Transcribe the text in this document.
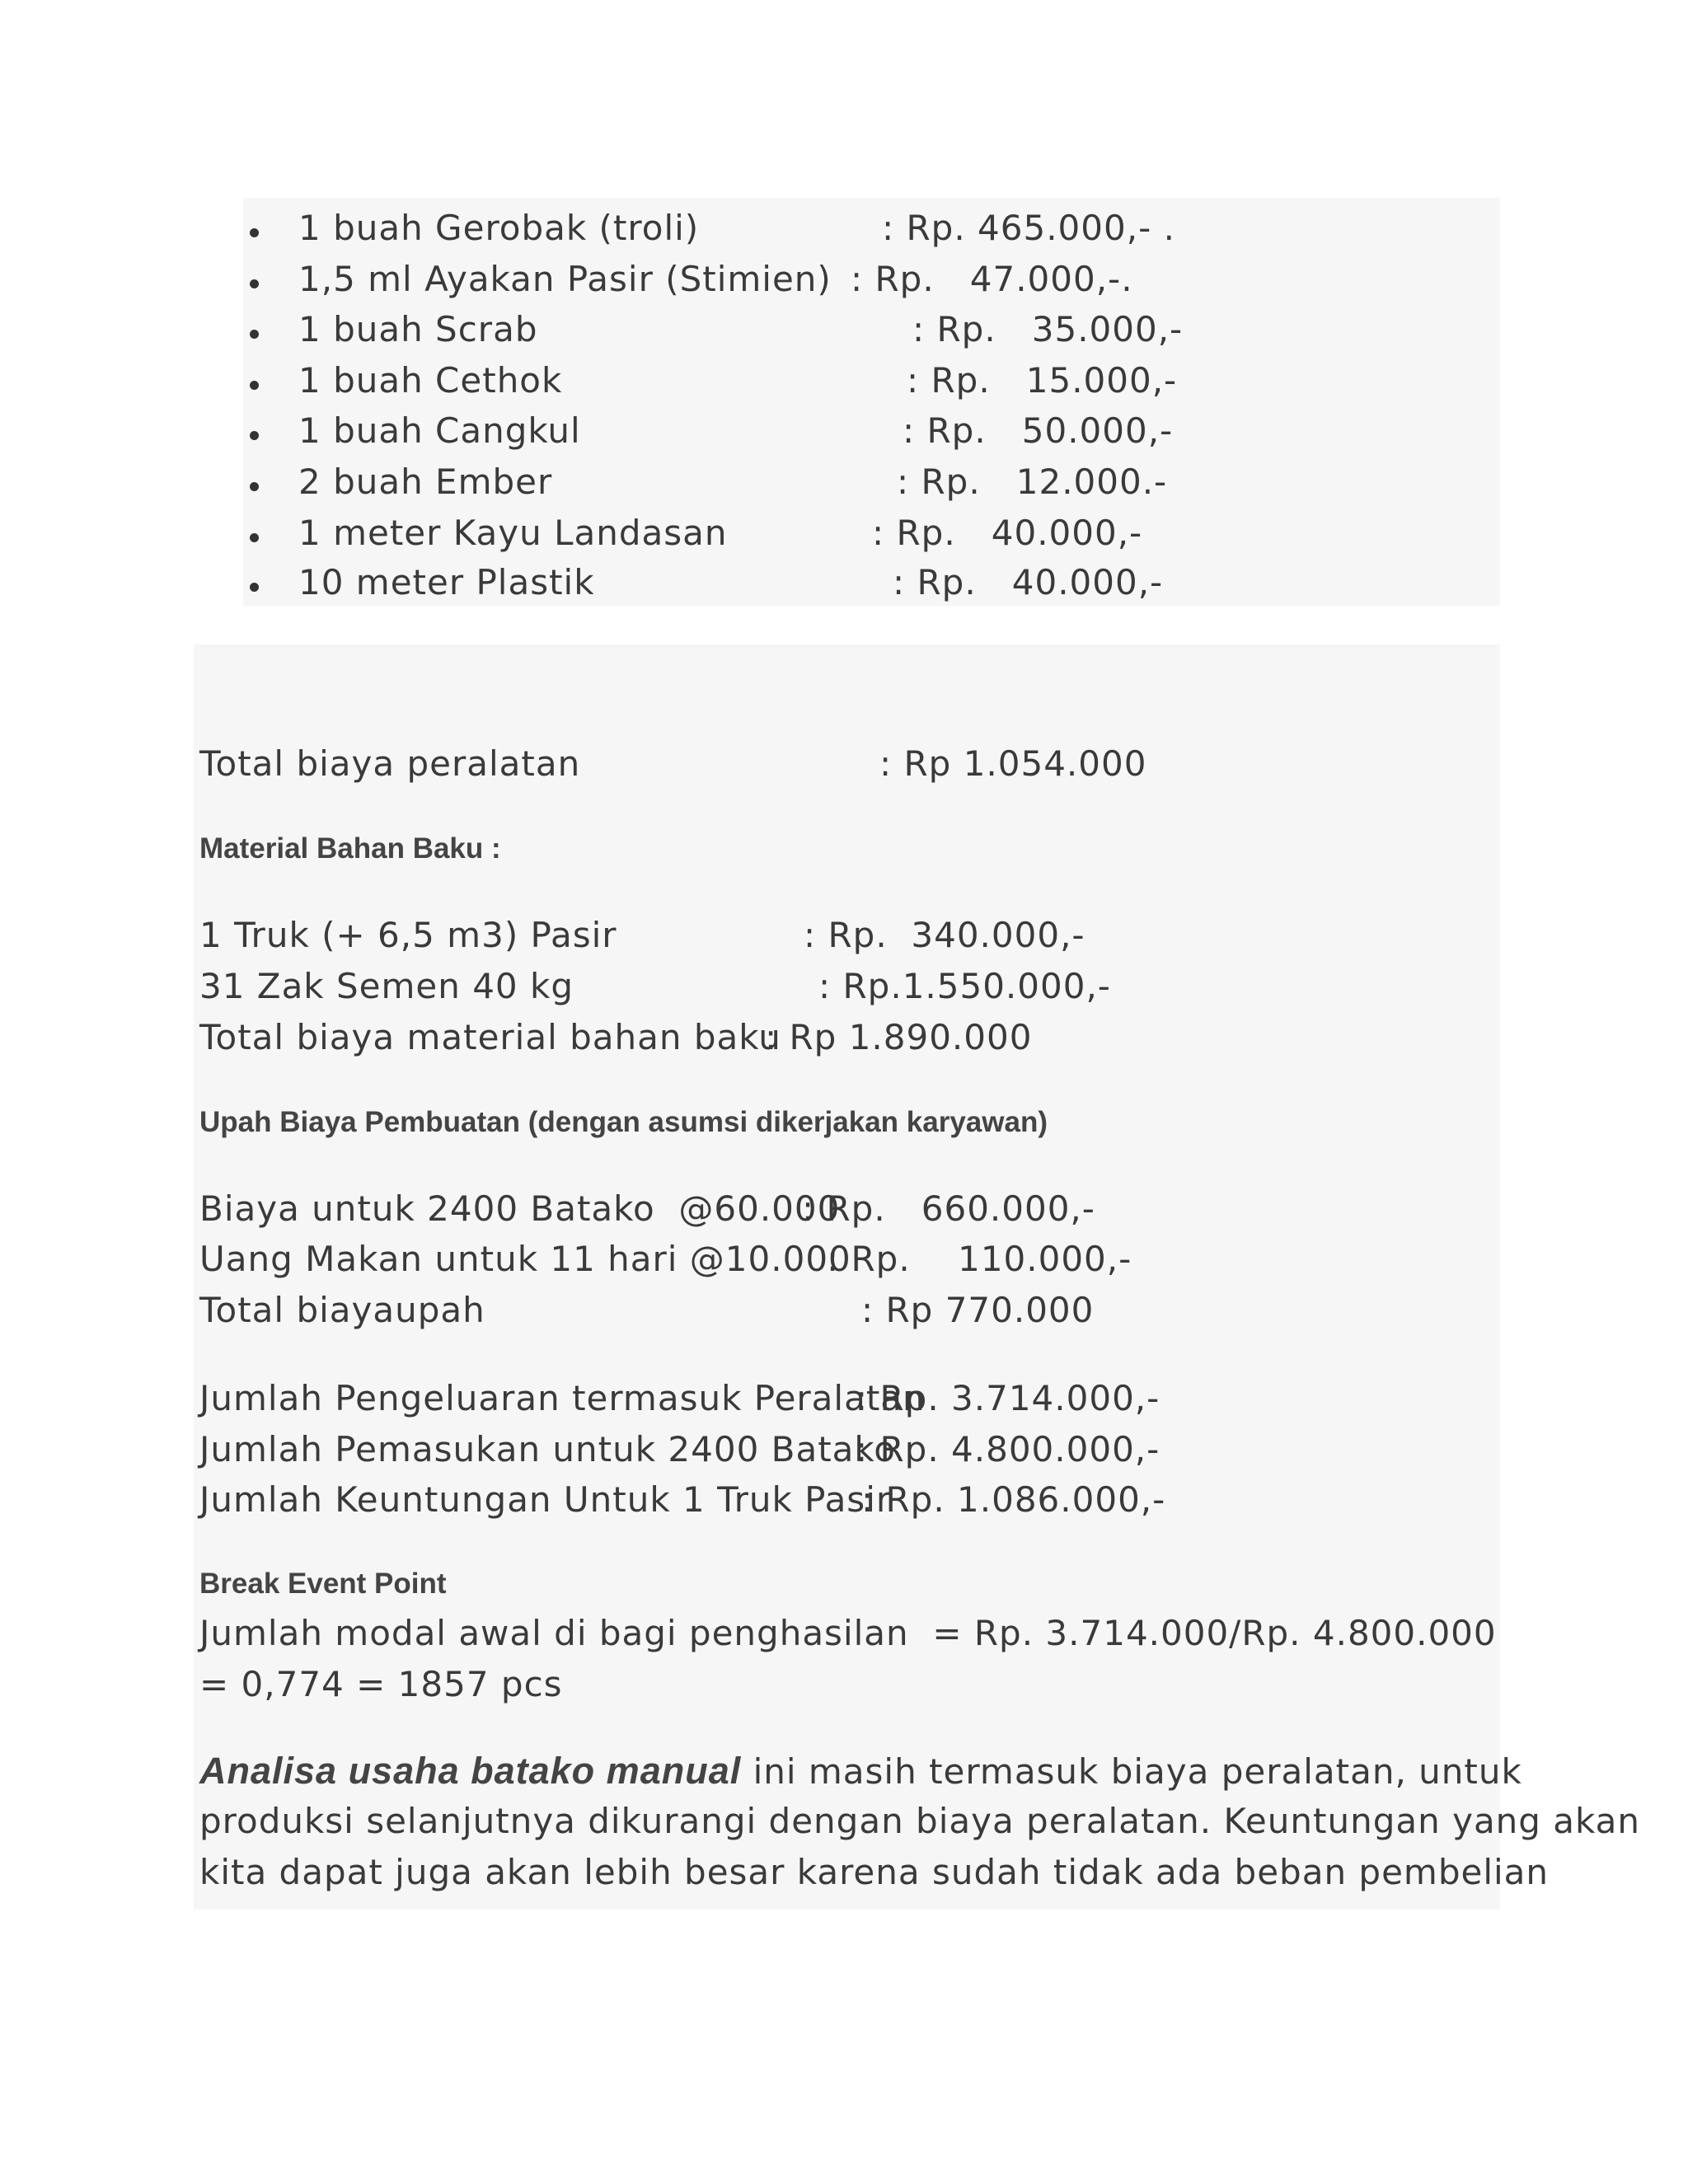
1 buah Gerobak (troli)	: Rp. 465.000,- .
1,5 ml Ayakan Pasir (Stimien) : Rp.   47.000,-.
1 buah Scrab	: Rp.   35.000,-
1 buah Cethok	: Rp.   15.000,-
1 buah Cangkul	: Rp.   50.000,-
2 buah Ember	: Rp.   12.000.-
1 meter Kayu Landasan	: Rp.   40.000,-
10 meter Plastik	: Rp.   40.000,-
Total biaya peralatan	: Rp 1.054.000
Material Bahan Baku :
1 Truk (+ 6,5 m3) Pasir	: Rp.  340.000,-
31 Zak Semen 40 kg	: Rp.1.550.000,-
Total biaya material bahan baku
: Rp 1.890.000
Upah Biaya Pembuatan (dengan asumsi dikerjakan karyawan)
Biaya untuk 2400 Batako  @60.000
: Rp.   660.000,-
Uang Makan untuk 11 hari @10.000
: Rp.    110.000,-
Total biayaupah	: Rp 770.000
Jumlah Pengeluaran termasuk Peralatan
: Rp. 3.714.000,-
Jumlah Pemasukan untuk 2400 Batako
: Rp. 4.800.000,-
Jumlah Keuntungan Untuk 1 Truk Pasir
: Rp. 1.086.000,-
Break Event Point
Jumlah modal awal di bagi penghasilan  = Rp. 3.714.000/Rp. 4.800.000
= 0,774 = 1857 pcs
Analisa usaha batako manual ini masih termasuk biaya peralatan, untuk
produksi selanjutnya dikurangi dengan biaya peralatan. Keuntungan yang akan
kita dapat juga akan lebih besar karena sudah tidak ada beban pembelian
